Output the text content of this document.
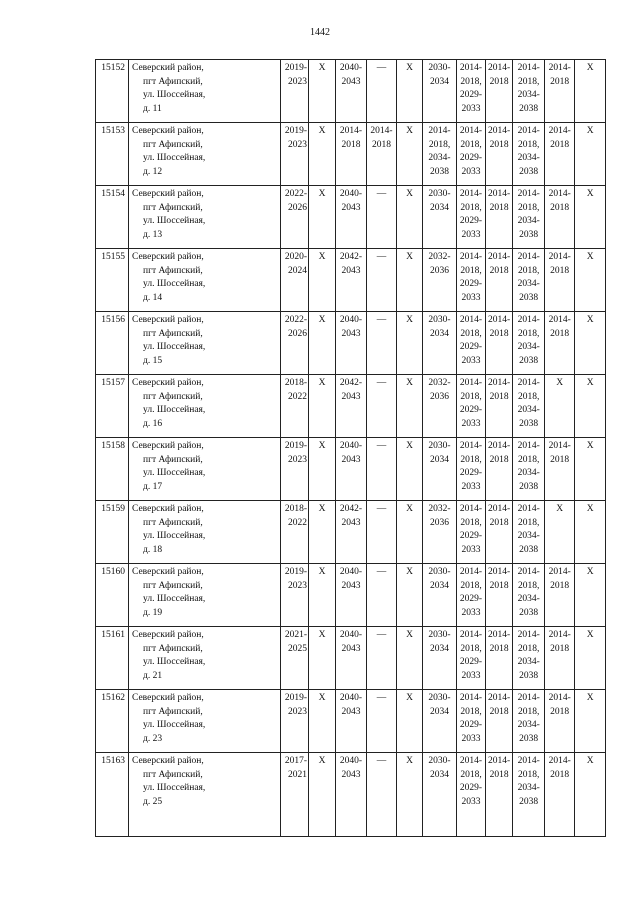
1442
15152	Северский район,
пгт Афипский,
ул. Шоссейная,
д. 11	2019-
2023	Х	2040-
2043	—	Х	2030-
2034	2014-
2018,
2029-
2033	2014-
2018	2014-
2018,
2034-
2038	2014-
2018	Х

15153	Северский район,
пгт Афипский,
ул. Шоссейная,
д. 12	2019-
2023	Х	2014-
2018	2014-
2018	Х	2014-
2018,
2034-
2038	2014-
2018,
2029-
2033	2014-
2018	2014-
2018,
2034-
2038	2014-
2018	Х

15154	Северский район,
пгт Афипский,
ул. Шоссейная,
д. 13	2022-
2026	Х	2040-
2043	—	Х	2030-
2034	2014-
2018,
2029-
2033	2014-
2018	2014-
2018,
2034-
2038	2014-
2018	Х

15155	Северский район,
пгт Афипский,
ул. Шоссейная,
д. 14	2020-
2024	Х	2042-
2043	—	Х	2032-
2036	2014-
2018,
2029-
2033	2014-
2018	2014-
2018,
2034-
2038	2014-
2018	Х

15156	Северский район,
пгт Афипский,
ул. Шоссейная,
д. 15	2022-
2026	Х	2040-
2043	—	Х	2030-
2034	2014-
2018,
2029-
2033	2014-
2018	2014-
2018,
2034-
2038	2014-
2018	Х

15157	Северский район,
пгт Афипский,
ул. Шоссейная,
д. 16	2018-
2022	Х	2042-
2043	—	Х	2032-
2036	2014-
2018,
2029-
2033	2014-
2018	2014-
2018,
2034-
2038	Х	Х

15158	Северский район,
пгт Афипский,
ул. Шоссейная,
д. 17	2019-
2023	Х	2040-
2043	—	Х	2030-
2034	2014-
2018,
2029-
2033	2014-
2018	2014-
2018,
2034-
2038	2014-
2018	Х

15159	Северский район,
пгт Афипский,
ул. Шоссейная,
д. 18	2018-
2022	Х	2042-
2043	—	Х	2032-
2036	2014-
2018,
2029-
2033	2014-
2018	2014-
2018,
2034-
2038	Х	Х

15160	Северский район,
пгт Афипский,
ул. Шоссейная,
д. 19	2019-
2023	Х	2040-
2043	—	Х	2030-
2034	2014-
2018,
2029-
2033	2014-
2018	2014-
2018,
2034-
2038	2014-
2018	Х

15161	Северский район,
пгт Афипский,
ул. Шоссейная,
д. 21	2021-
2025	Х	2040-
2043	—	Х	2030-
2034	2014-
2018,
2029-
2033	2014-
2018	2014-
2018,
2034-
2038	2014-
2018	Х

15162	Северский район,
пгт Афипский,
ул. Шоссейная,
д. 23	2019-
2023	Х	2040-
2043	—	Х	2030-
2034	2014-
2018,
2029-
2033	2014-
2018	2014-
2018,
2034-
2038	2014-
2018	Х

15163	Северский район,
пгт Афипский,
ул. Шоссейная,
д. 25	2017-
2021	Х	2040-
2043	—	Х	2030-
2034	2014-
2018,
2029-
2033	2014-
2018	2014-
2018,
2034-
2038	2014-
2018	Х
